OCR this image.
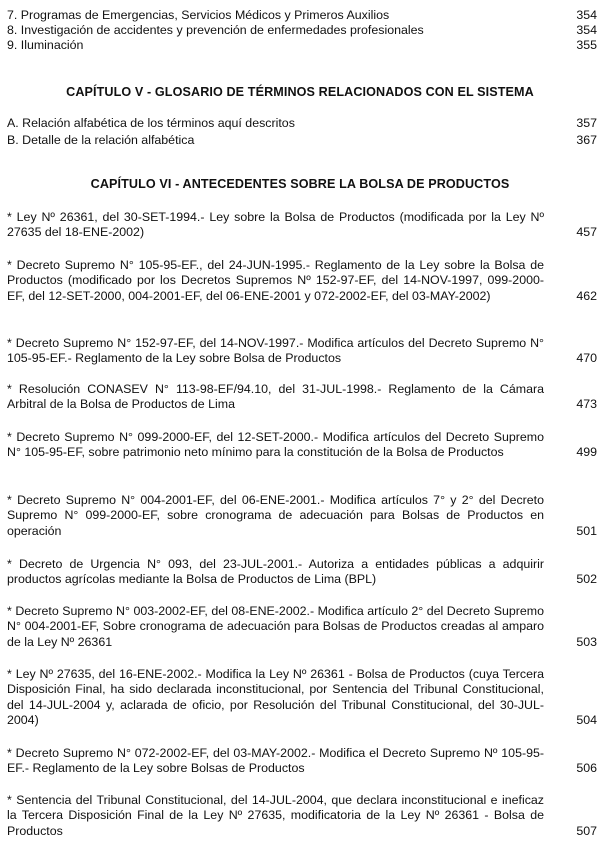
7. Programas de Emergencias, Servicios Médicos y Primeros Auxilios	354
8. Investigación de accidentes y prevención de enfermedades profesionales	354
9. Iluminación	355
CAPÍTULO V - GLOSARIO DE TÉRMINOS RELACIONADOS CON EL SISTEMA
A. Relación alfabética de los términos aquí descritos	357
B. Detalle de la relación alfabética	367
CAPÍTULO VI - ANTECEDENTES SOBRE LA BOLSA DE PRODUCTOS
* Ley Nº 26361, del 30-SET-1994.- Ley sobre la Bolsa de Productos (modificada por la Ley Nº 27635 del 18-ENE-2002)	457
* Decreto Supremo N° 105-95-EF., del 24-JUN-1995.- Reglamento de la Ley sobre la Bolsa de Productos (modificado por los Decretos Supremos Nº 152-97-EF, del 14-NOV-1997, 099-2000-EF, del 12-SET-2000, 004-2001-EF, del 06-ENE-2001 y 072-2002-EF, del 03-MAY-2002)	462
* Decreto Supremo N° 152-97-EF, del 14-NOV-1997.- Modifica artículos del Decreto Supremo N° 105-95-EF.- Reglamento de la Ley sobre Bolsa de Productos	470
* Resolución CONASEV N° 113-98-EF/94.10, del 31-JUL-1998.- Reglamento de la Cámara Arbitral de la Bolsa de Productos de Lima	473
* Decreto Supremo N° 099-2000-EF, del 12-SET-2000.- Modifica artículos del Decreto Supremo N° 105-95-EF, sobre patrimonio neto mínimo para la constitución de la Bolsa de Productos	499
* Decreto Supremo N° 004-2001-EF, del 06-ENE-2001.- Modifica artículos 7° y 2° del Decreto Supremo N° 099-2000-EF, sobre cronograma de adecuación para Bolsas de Productos en operación	501
* Decreto de Urgencia N° 093, del 23-JUL-2001.- Autoriza a entidades públicas a adquirir productos agrícolas mediante la Bolsa de Productos de Lima (BPL)	502
* Decreto Supremo N° 003-2002-EF, del 08-ENE-2002.- Modifica artículo 2° del Decreto Supremo N° 004-2001-EF, Sobre cronograma de adecuación para Bolsas de Productos creadas al amparo de la Ley Nº 26361	503
* Ley Nº 27635, del 16-ENE-2002.- Modifica la Ley Nº 26361 - Bolsa de Productos (cuya Tercera Disposición Final, ha sido declarada inconstitucional, por Sentencia del Tribunal Constitucional, del 14-JUL-2004 y, aclarada de oficio, por Resolución del Tribunal Constitucional, del 30-JUL-2004)	504
* Decreto Supremo N° 072-2002-EF, del 03-MAY-2002.- Modifica el Decreto Supremo Nº 105-95-EF.- Reglamento de la Ley sobre Bolsas de Productos	506
* Sentencia del Tribunal Constitucional, del 14-JUL-2004, que declara inconstitucional e ineficaz la Tercera Disposición Final de la Ley Nº 27635, modificatoria de la Ley Nº 26361 - Bolsa de Productos	507
